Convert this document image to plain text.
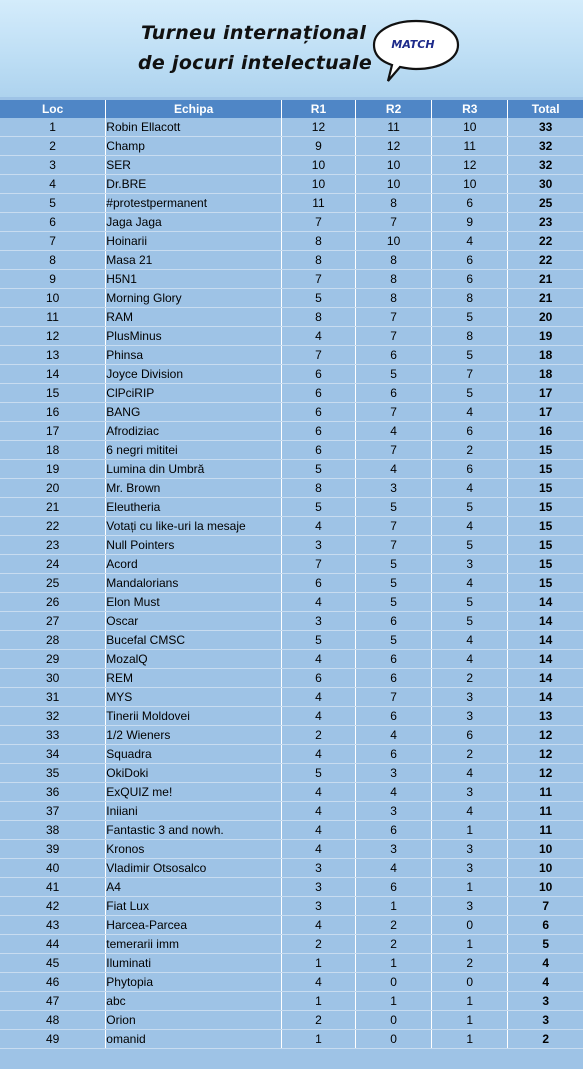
Turneu internațional
de jocuri intelectuale
MATCH
Loc	Echipa	R1	R2	R3	Total
1	Robin Ellacott	12	11	10	33
2	Champ	9	12	11	32
3	SER	10	10	12	32
4	Dr.BRE	10	10	10	30
5	#protestpermanent	11	8	6	25
6	Jaga Jaga	7	7	9	23
7	Hoinarii	8	10	4	22
8	Masa 21	8	8	6	22
9	H5N1	7	8	6	21
10	Morning Glory	5	8	8	21
11	RAM	8	7	5	20
12	PlusMinus	4	7	8	19
13	Phinsa	7	6	5	18
14	Joyce Division	6	5	7	18
15	ClPciRIP	6	6	5	17
16	BANG	6	7	4	17
17	Afrodiziac	6	4	6	16
18	6 negri mititei	6	7	2	15
19	Lumina din Umbră	5	4	6	15
20	Mr. Brown	8	3	4	15
21	Eleutheria	5	5	5	15
22	Votați cu like-uri la mesaje	4	7	4	15
23	Null Pointers	3	7	5	15
24	Acord	7	5	3	15
25	Mandalorians	6	5	4	15
26	Elon Must	4	5	5	14
27	Oscar	3	6	5	14
28	Bucefal CMSC	5	5	4	14
29	MozalQ	4	6	4	14
30	REM	6	6	2	14
31	MYS	4	7	3	14
32	Tinerii Moldovei	4	6	3	13
33	1/2 Wieners	2	4	6	12
34	Squadra	4	6	2	12
35	OkiDoki	5	3	4	12
36	ExQUIZ me!	4	4	3	11
37	Iniiani	4	3	4	11
38	Fantastic 3 and nowh.	4	6	1	11
39	Kronos	4	3	3	10
40	Vladimir Otsosalco	3	4	3	10
41	A4	3	6	1	10
42	Fiat Lux	3	1	3	7
43	Harcea-Parcea	4	2	0	6
44	temerarii imm	2	2	1	5
45	Iluminati	1	1	2	4
46	Phytopia	4	0	0	4
47	abc	1	1	1	3
48	Orion	2	0	1	3
49	omanid	1	0	1	2
